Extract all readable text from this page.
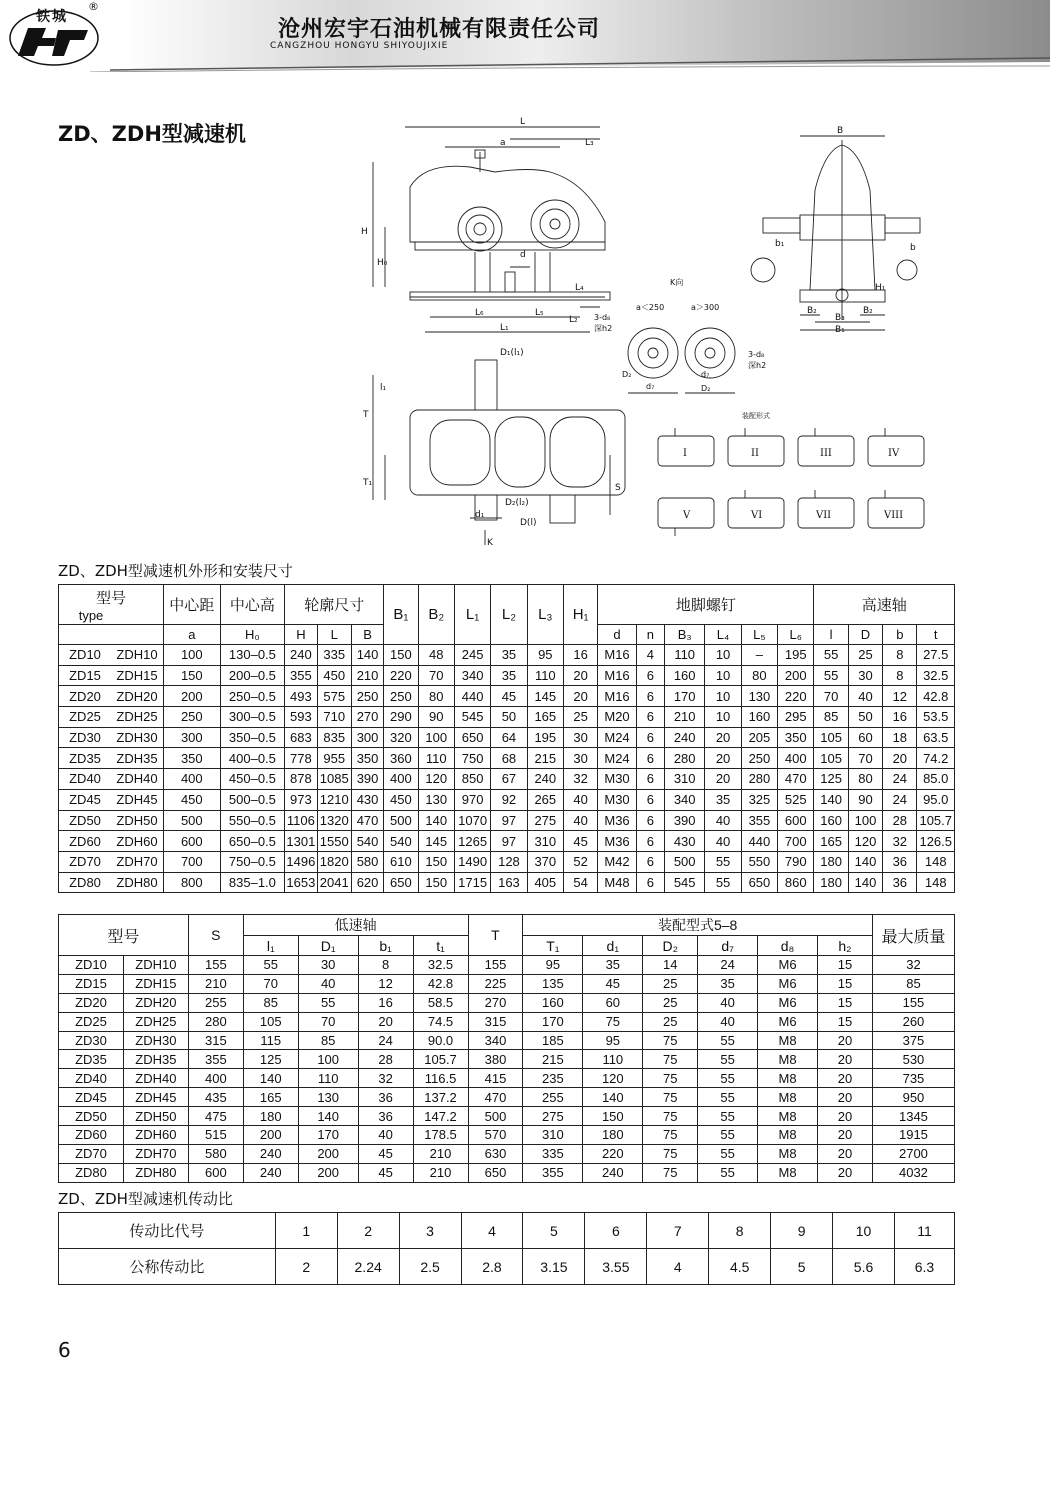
铁城
®
沧州宏宇石油机械有限责任公司
CANGZHOU HONGYU SHIYOUJIXIE
ZD、ZDH型减速机	L
a	L₃
H
H₀
d
L₄
L₆	L₅
L₂
L₁
B
b₁	b
H₁
B₂	B₂
B₃
B₁
K向
a＜250	a＞300
3-d₈
深h2
3-d₈
深h2
D₂
d₇
d₇
D₂
D₁(l₁)
l₁
T
T₁	S
d₁
D₂(l₂)
D(l)
K
装配形式
I	II	III	IV
V	VI	VII	VIII
ZD、ZDH型减速机外形和安装尺寸
型号
type		中心距	中心高	轮廓尺寸			B₁	B₂	L₁	L₂	L₃	H₁	地脚螺钉						高速轴			
		a	H₀	H	L	B							d	n	B₃	L₄	L₅	L₆	l	D	b	t
ZD10	ZDH10	100	130–0.5	240	335	140	150	48	245	35	95	16	M16	4	110	10	–	195	55	25	8	27.5
ZD15	ZDH15	150	200–0.5	355	450	210	220	70	340	35	110	20	M16	6	160	10	80	200	55	30	8	32.5
ZD20	ZDH20	200	250–0.5	493	575	250	250	80	440	45	145	20	M16	6	170	10	130	220	70	40	12	42.8
ZD25	ZDH25	250	300–0.5	593	710	270	290	90	545	50	165	25	M20	6	210	10	160	295	85	50	16	53.5
ZD30	ZDH30	300	350–0.5	683	835	300	320	100	650	64	195	30	M24	6	240	20	205	350	105	60	18	63.5
ZD35	ZDH35	350	400–0.5	778	955	350	360	110	750	68	215	30	M24	6	280	20	250	400	105	70	20	74.2
ZD40	ZDH40	400	450–0.5	878	1085	390	400	120	850	67	240	32	M30	6	310	20	280	470	125	80	24	85.0
ZD45	ZDH45	450	500–0.5	973	1210	430	450	130	970	92	265	40	M30	6	340	35	325	525	140	90	24	95.0
ZD50	ZDH50	500	550–0.5	1106	1320	470	500	140	1070	97	275	40	M36	6	390	40	355	600	160	100	28	105.7
ZD60	ZDH60	600	650–0.5	1301	1550	540	540	145	1265	97	310	45	M36	6	430	40	440	700	165	120	32	126.5
ZD70	ZDH70	700	750–0.5	1496	1820	580	610	150	1490	128	370	52	M42	6	500	55	550	790	180	140	36	148
ZD80	ZDH80	800	835–1.0	1653	2041	620	650	150	1715	163	405	54	M48	6	545	55	650	860	180	140	36	148
型号		S	低速轴				T	装配型式5–8						最大质量
			l₁	D₁	b₁	t₁		T₁	d₁	D₂	d₇	d₈	h₂	
ZD10	ZDH10	155	55	30	8	32.5	155	95	35	14	24	M6	15	32
ZD15	ZDH15	210	70	40	12	42.8	225	135	45	25	35	M6	15	85
ZD20	ZDH20	255	85	55	16	58.5	270	160	60	25	40	M6	15	155
ZD25	ZDH25	280	105	70	20	74.5	315	170	75	25	40	M6	15	260
ZD30	ZDH30	315	115	85	24	90.0	340	185	95	75	55	M8	20	375
ZD35	ZDH35	355	125	100	28	105.7	380	215	110	75	55	M8	20	530
ZD40	ZDH40	400	140	110	32	116.5	415	235	120	75	55	M8	20	735
ZD45	ZDH45	435	165	130	36	137.2	470	255	140	75	55	M8	20	950
ZD50	ZDH50	475	180	140	36	147.2	500	275	150	75	55	M8	20	1345
ZD60	ZDH60	515	200	170	40	178.5	570	310	180	75	55	M8	20	1915
ZD70	ZDH70	580	240	200	45	210	630	335	220	75	55	M8	20	2700
ZD80	ZDH80	600	240	200	45	210	650	355	240	75	55	M8	20	4032
ZD、ZDH型减速机传动比
传动比代号	1	2	3	4	5	6	7	8	9	10	11
公称传动比	2	2.24	2.5	2.8	3.15	3.55	4	4.5	5	5.6	6.3
6
